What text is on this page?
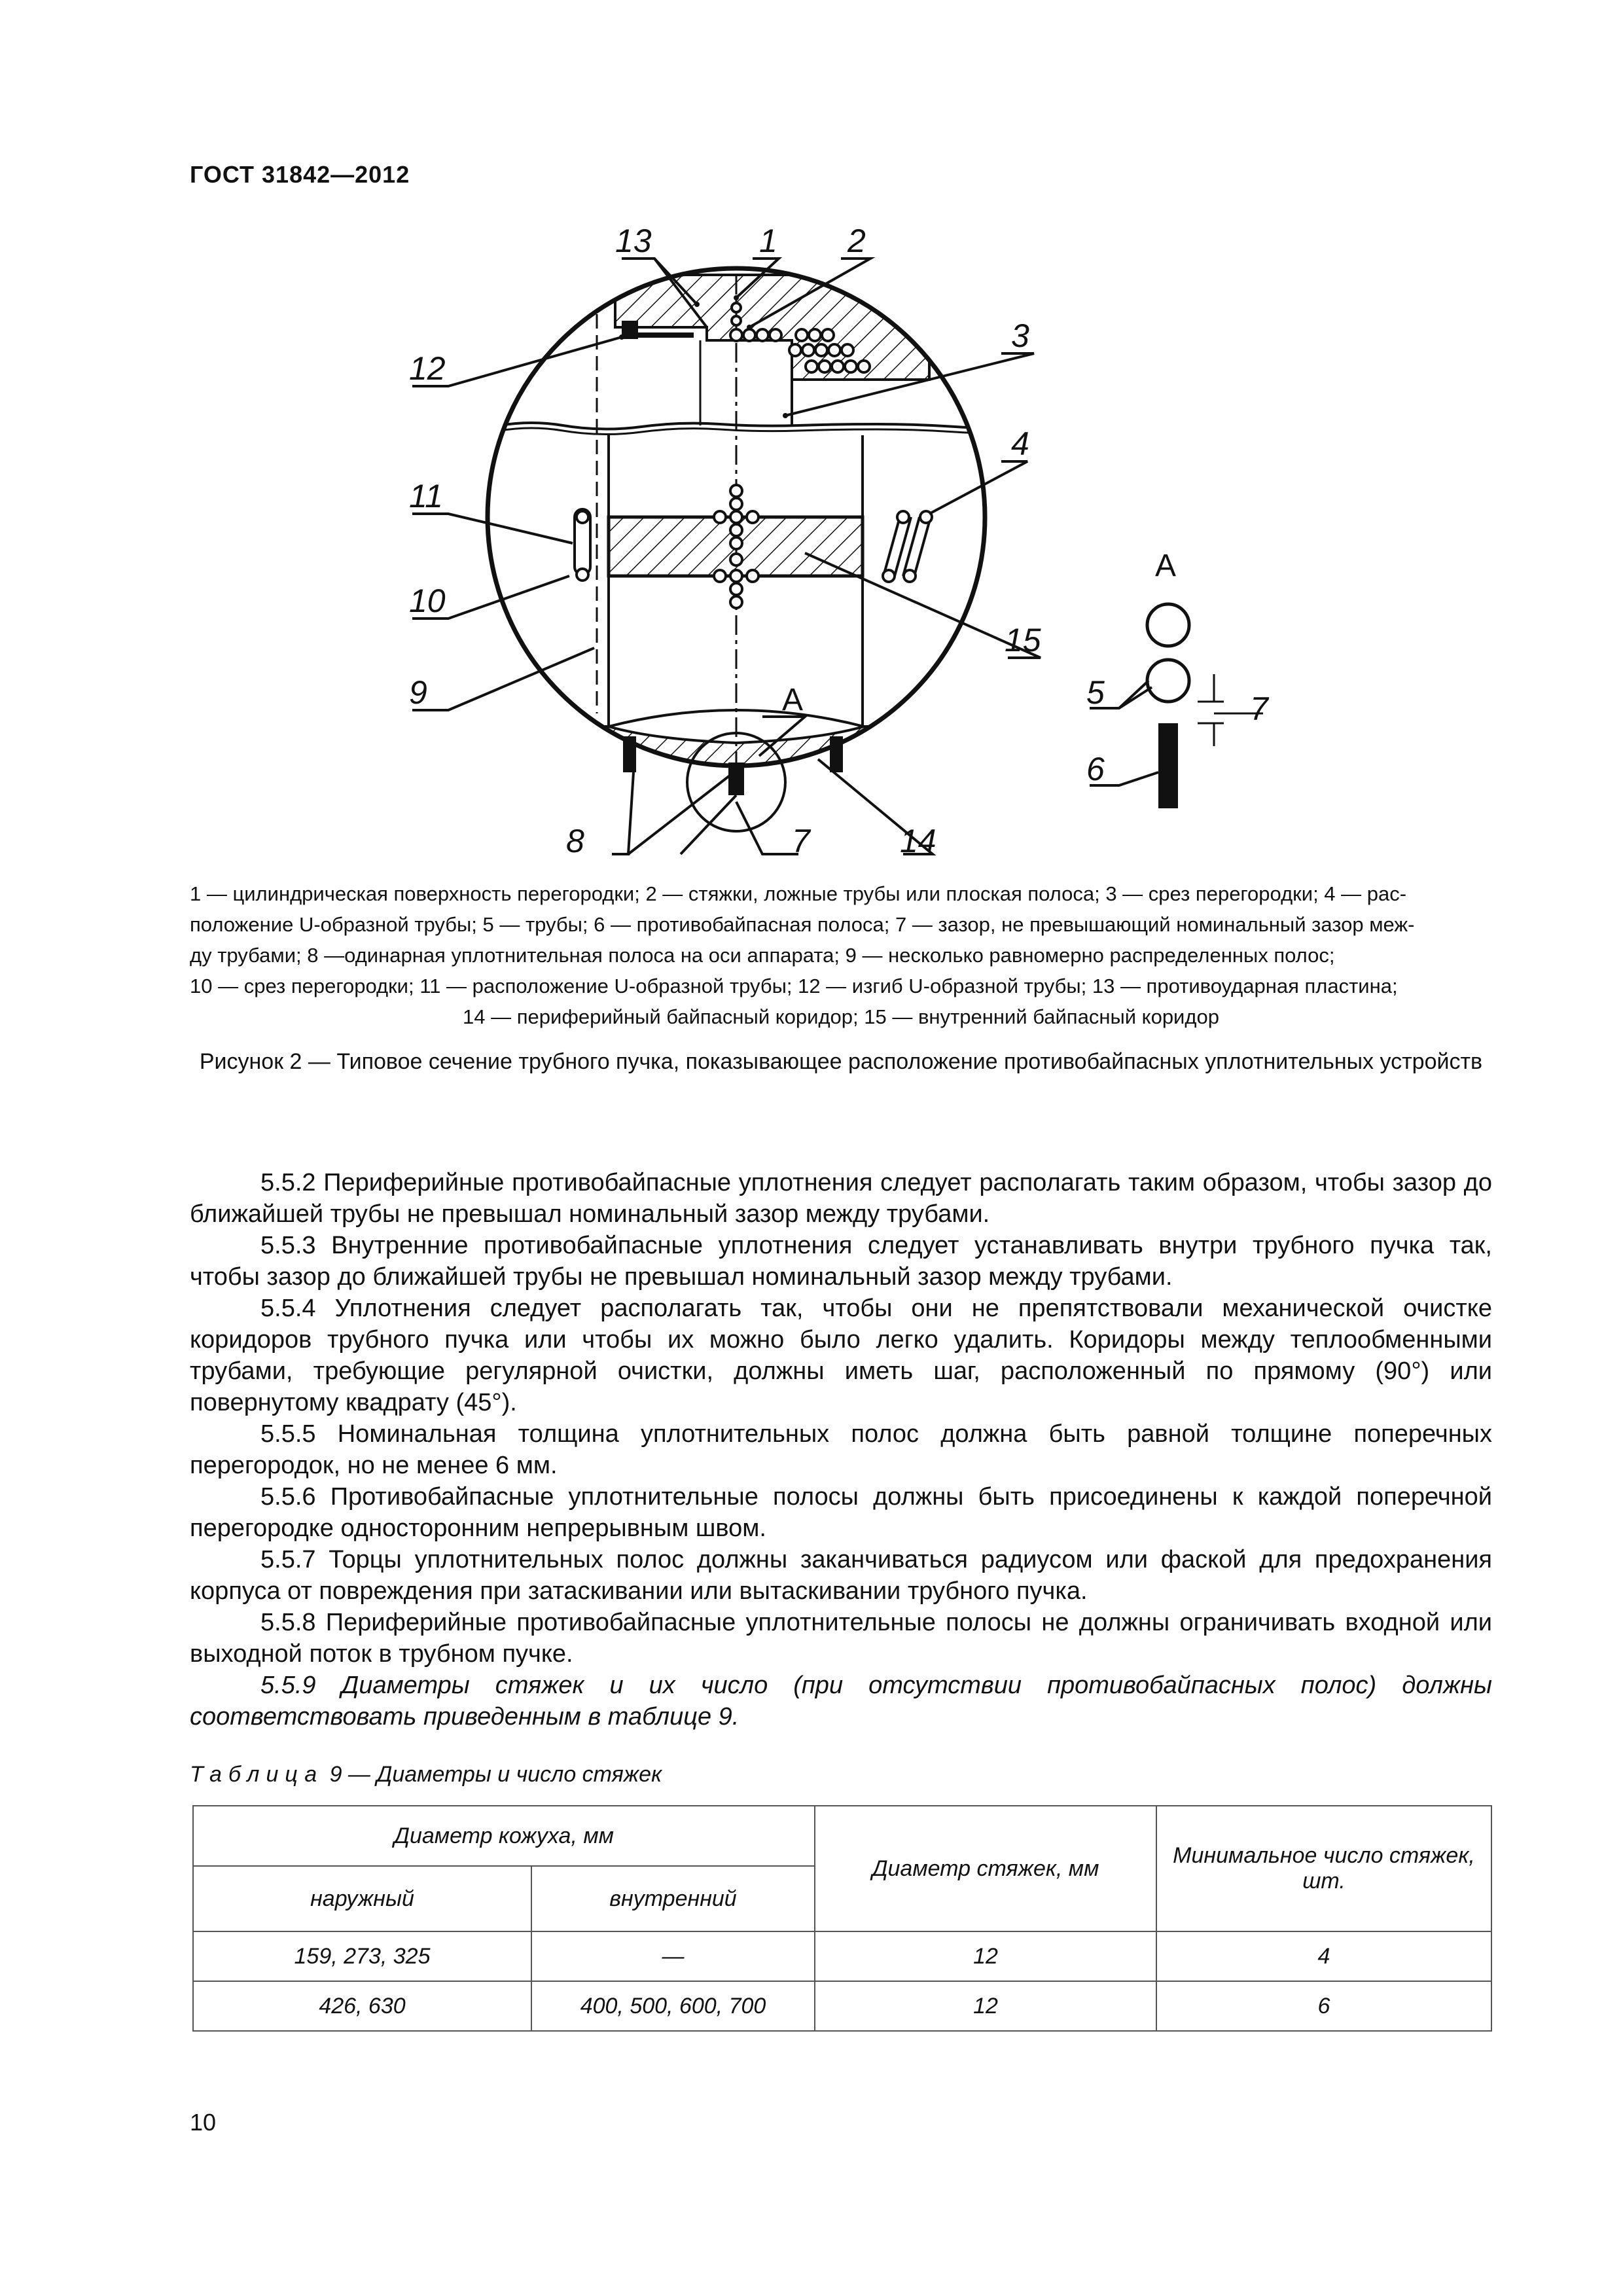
ГОСТ 31842—2012
13	1 2
3
4
12
11
10
9
15
8	7	14
А
А
5
6
7
1 — цилиндрическая поверхность перегородки; 2 — стяжки, ложные трубы или плоская полоса; 3 — срез перегородки; 4 — рас-
положение U-образной трубы; 5 — трубы; 6 — противобайпасная полоса; 7 — зазор, не превышающий номинальный зазор меж-
ду трубами; 8 —одинарная уплотнительная полоса на оси аппарата; 9 — несколько равномерно распределенных полос;
10 — срез перегородки; 11 — расположение U-образной трубы; 12 — изгиб U-образной трубы; 13 — противоударная пластина;
14 — периферийный байпасный коридор; 15 — внутренний байпасный коридор
Рисунок 2 — Типовое сечение трубного пучка, показывающее расположение противобайпасных уплотнительных устройств

5.5.2 Периферийные противобайпасные уплотнения следует располагать таким образом, чтобы зазор до ближайшей трубы не превышал номинальный зазор между трубами.

5.5.3 Внутренние противобайпасные уплотнения следует устанавливать внутри трубного пучка так, чтобы зазор до ближайшей трубы не превышал номинальный зазор между трубами.

5.5.4 Уплотнения следует располагать так, чтобы они не препятствовали механической очистке коридоров трубного пучка или чтобы их можно было легко удалить. Коридоры между теплообменными трубами, требующие регулярной очистки, должны иметь шаг, расположенный по прямому (90°) или повернутому квадрату (45°).

5.5.5 Номинальная толщина уплотнительных полос должна быть равной толщине поперечных перегородок, но не менее 6 мм.

5.5.6 Противобайпасные уплотнительные полосы должны быть присоединены к каждой поперечной перегородке односторонним непрерывным швом.

5.5.7 Торцы уплотнительных полос должны заканчиваться радиусом или фаской для предохранения корпуса от повреждения при затаскивании или вытаскивании трубного пучка.

5.5.8 Периферийные противобайпасные уплотнительные полосы не должны ограничивать входной или выходной поток в трубном пучке.

5.5.9 Диаметры стяжек и их число (при отсутствии противобайпасных полос) должны соответствовать приведенным в таблице 9.

Таблица 9 — Диаметры и число стяжек
Диаметр кожуха, мм		Диаметр стяжек, мм	Минимальное число стяжек, шт.
наружный	внутренний		
159, 273, 325	—	12	4
426, 630	400, 500, 600, 700	12	6
10
